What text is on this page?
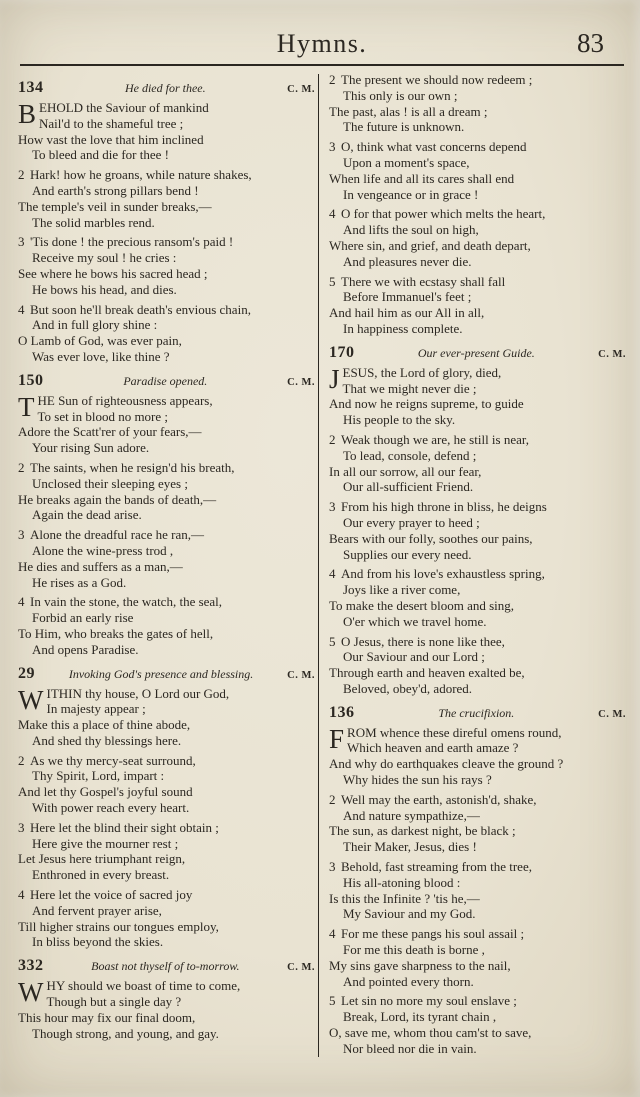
Hymns.	83
134	He died for thee.	C. M.
B EHOLD the Saviour of mankind
Nail'd to the shameful tree ;
How vast the love that him inclined
To bleed and die for thee !
2 Hark! how he groans, while nature shakes,
And earth's strong pillars bend !
The temple's veil in sunder breaks,—
The solid marbles rend.
3 'Tis done ! the precious ransom's paid !
Receive my soul ! he cries :
See where he bows his sacred head ;
He bows his head, and dies.
4 But soon he'll break death's envious chain,
And in full glory shine :
O Lamb of God, was ever pain,
Was ever love, like thine ?
150	Paradise opened.	C. M.
T HE Sun of righteousness appears,
To set in blood no more ;
Adore the Scatt'rer of your fears,—
Your rising Sun adore.
2 The saints, when he resign'd his breath,
Unclosed their sleeping eyes ;
He breaks again the bands of death,—
Again the dead arise.
3 Alone the dreadful race he ran,—
Alone the wine-press trod ,
He dies and suffers as a man,—
He rises as a God.
4 In vain the stone, the watch, the seal,
Forbid an early rise
To Him, who breaks the gates of hell,
And opens Paradise.
29	Invoking God's presence and blessing.	C. M.
W ITHIN thy house, O Lord our God,
In majesty appear ;
Make this a place of thine abode,
And shed thy blessings here.
2 As we thy mercy-seat surround,
Thy Spirit, Lord, impart :
And let thy Gospel's joyful sound
With power reach every heart.
3 Here let the blind their sight obtain ;
Here give the mourner rest ;
Let Jesus here triumphant reign,
Enthroned in every breast.
4 Here let the voice of sacred joy
And fervent prayer arise,
Till higher strains our tongues employ,
In bliss beyond the skies.
332	Boast not thyself of to-morrow.	C. M.
W HY should we boast of time to come,
Though but a single day ?
This hour may fix our final doom,
Though strong, and young, and gay.
2 The present we should now redeem ;
This only is our own ;
The past, alas ! is all a dream ;
The future is unknown.
3 O, think what vast concerns depend
Upon a moment's space,
When life and all its cares shall end
In vengeance or in grace !
4 O for that power which melts the heart,
And lifts the soul on high,
Where sin, and grief, and death depart,
And pleasures never die.
5 There we with ecstasy shall fall
Before Immanuel's feet ;
And hail him as our All in all,
In happiness complete.
170	Our ever-present Guide.	C. M.
J ESUS, the Lord of glory, died,
That we might never die ;
And now he reigns supreme, to guide
His people to the sky.
2 Weak though we are, he still is near,
To lead, console, defend ;
In all our sorrow, all our fear,
Our all-sufficient Friend.
3 From his high throne in bliss, he deigns
Our every prayer to heed ;
Bears with our folly, soothes our pains,
Supplies our every need.
4 And from his love's exhaustless spring,
Joys like a river come,
To make the desert bloom and sing,
O'er which we travel home.
5 O Jesus, there is none like thee,
Our Saviour and our Lord ;
Through earth and heaven exalted be,
Beloved, obey'd, adored.
136	The crucifixion.	C. M.
F ROM whence these direful omens round,
Which heaven and earth amaze ?
And why do earthquakes cleave the ground ?
Why hides the sun his rays ?
2 Well may the earth, astonish'd, shake,
And nature sympathize,—
The sun, as darkest night, be black ;
Their Maker, Jesus, dies !
3 Behold, fast streaming from the tree,
His all-atoning blood :
Is this the Infinite ? 'tis he,—
My Saviour and my God.
4 For me these pangs his soul assail ;
For me this death is borne ,
My sins gave sharpness to the nail,
And pointed every thorn.
5 Let sin no more my soul enslave ;
Break, Lord, its tyrant chain ,
O, save me, whom thou cam'st to save,
Nor bleed nor die in vain.
